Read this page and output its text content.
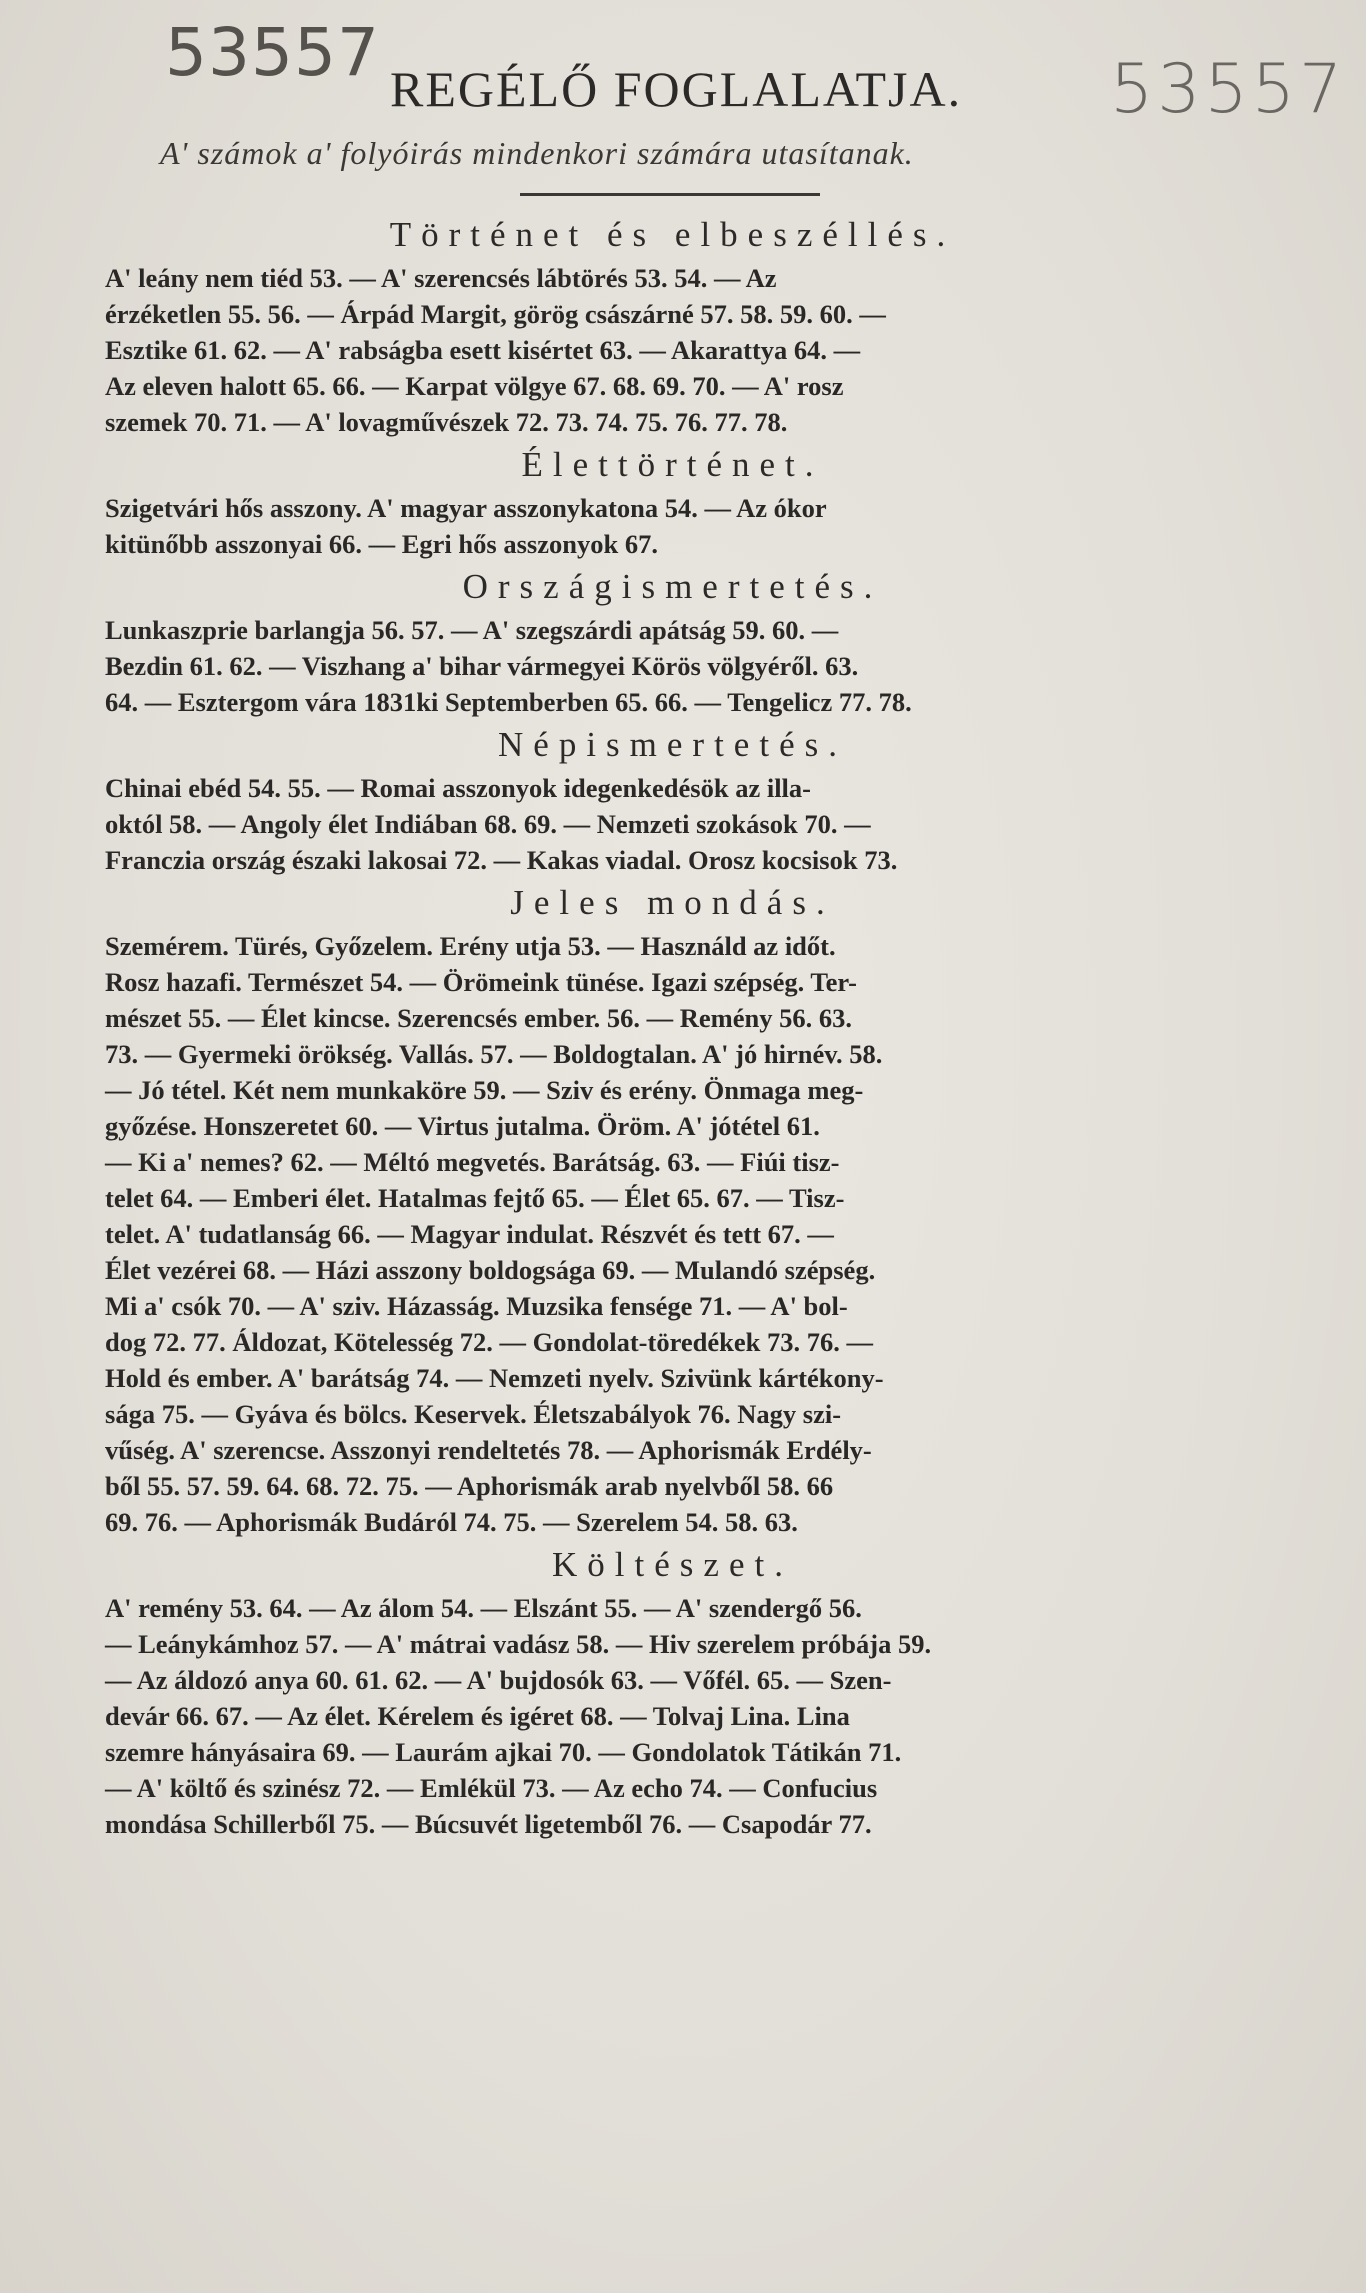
53557	53557
REGÉLŐ FOGLALATJA.
A' számok a' folyóirás mindenkori számára utasítanak.
Történet és elbeszéllés.
A' leány nem tiéd 53. — A' szerencsés lábtörés 53. 54. — Az
érzéketlen 55. 56. — Árpád Margit, görög császárné 57. 58. 59. 60. —
Esztike 61. 62. — A' rabságba esett kisértet 63. — Akarattya 64. —
Az eleven halott 65. 66. — Karpat völgye 67. 68. 69. 70. — A' rosz
szemek 70. 71. — A' lovagművészek 72. 73. 74. 75. 76. 77. 78.
Élettörténet.
Szigetvári hős asszony. A' magyar asszonykatona 54. — Az ókor
kitünőbb asszonyai 66. — Egri hős asszonyok 67.
Országismertetés.
Lunkaszprie barlangja 56. 57. — A' szegszárdi apátság 59. 60. —
Bezdin 61. 62. — Viszhang a' bihar vármegyei Körös völgyéről. 63.
64. — Esztergom vára 1831ki Septemberben 65. 66. — Tengelicz 77. 78.
Népismertetés.
Chinai ebéd 54. 55. — Romai asszonyok idegenkedésök az illa-
októl 58. — Angoly élet Indiában 68. 69. — Nemzeti szokások 70. —
Franczia ország északi lakosai 72. — Kakas viadal. Orosz kocsisok 73.
Jeles mondás.
Szemérem. Türés, Győzelem. Erény utja 53. — Használd az időt.
Rosz hazafi. Természet 54. — Örömeink tünése. Igazi szépség. Ter-
mészet 55. — Élet kincse. Szerencsés ember. 56. — Remény 56. 63.
73. — Gyermeki örökség. Vallás. 57. — Boldogtalan. A' jó hirnév. 58.
— Jó tétel. Két nem munkaköre 59. — Sziv és erény. Önmaga meg-
győzése. Honszeretet 60. — Virtus jutalma. Öröm. A' jótétel 61.
— Ki a' nemes? 62. — Méltó megvetés. Barátság. 63. — Fiúi tisz-
telet 64. — Emberi élet. Hatalmas fejtő 65. — Élet 65. 67. — Tisz-
telet. A' tudatlanság 66. — Magyar indulat. Részvét és tett 67. —
Élet vezérei 68. — Házi asszony boldogsága 69. — Mulandó szépség.
Mi a' csók 70. — A' sziv. Házasság. Muzsika fensége 71. — A' bol-
dog 72. 77. Áldozat, Kötelesség 72. — Gondolat-töredékek 73. 76. —
Hold és ember. A' barátság 74. — Nemzeti nyelv. Szivünk kártékony-
sága 75. — Gyáva és bölcs. Keservek. Életszabályok 76. Nagy szi-
vűség. A' szerencse. Asszonyi rendeltetés 78. — Aphorismák Erdély-
ből 55. 57. 59. 64. 68. 72. 75. — Aphorismák arab nyelvből 58. 66
69. 76. — Aphorismák Budáról 74. 75. — Szerelem 54. 58. 63.
Költészet.
A' remény 53. 64. — Az álom 54. — Elszánt 55. — A' szendergő 56.
— Leánykámhoz 57. — A' mátrai vadász 58. — Hiv szerelem próbája 59.
— Az áldozó anya 60. 61. 62. — A' bujdosók 63. — Vőfél. 65. — Szen-
devár 66. 67. — Az élet. Kérelem és igéret 68. — Tolvaj Lina. Lina
szemre hányásaira 69. — Laurám ajkai 70. — Gondolatok Tátikán 71.
— A' költő és szinész 72. — Emlékül 73. — Az echo 74. — Confucius
mondása Schillerből 75. — Búcsuvét ligetemből 76. — Csapodár 77.
